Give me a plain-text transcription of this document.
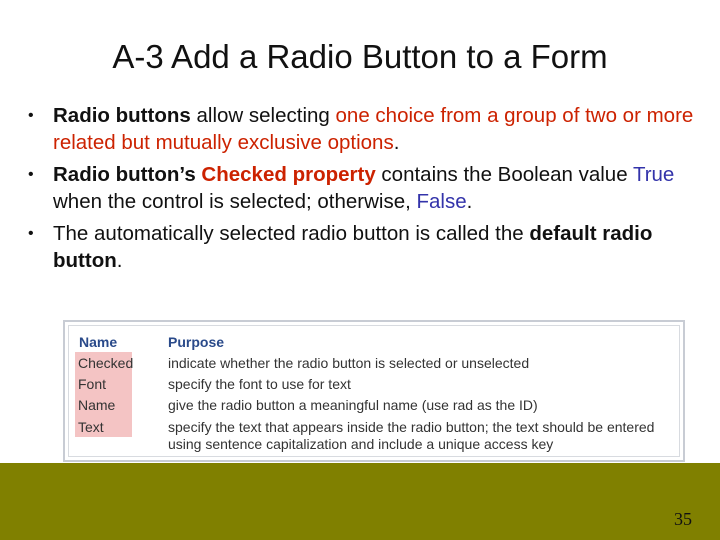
A-3 Add a Radio Button to a Form
• Radio buttons allow selecting one choice from a group of two or more related but mutually exclusive options.
• Radio button’s Checked property contains the Boolean value True when the control is selected; otherwise, False.
• The automatically selected radio button is called the default radio button.
Name	Purpose
Checked indicate whether the radio button is selected or unselected
Font	specify the font to use for text
Name	give the radio button a meaningful name (use rad as the ID)
Text	specify the text that appears inside the radio button; the text should be entered
using sentence capitalization and include a unique access key
35
